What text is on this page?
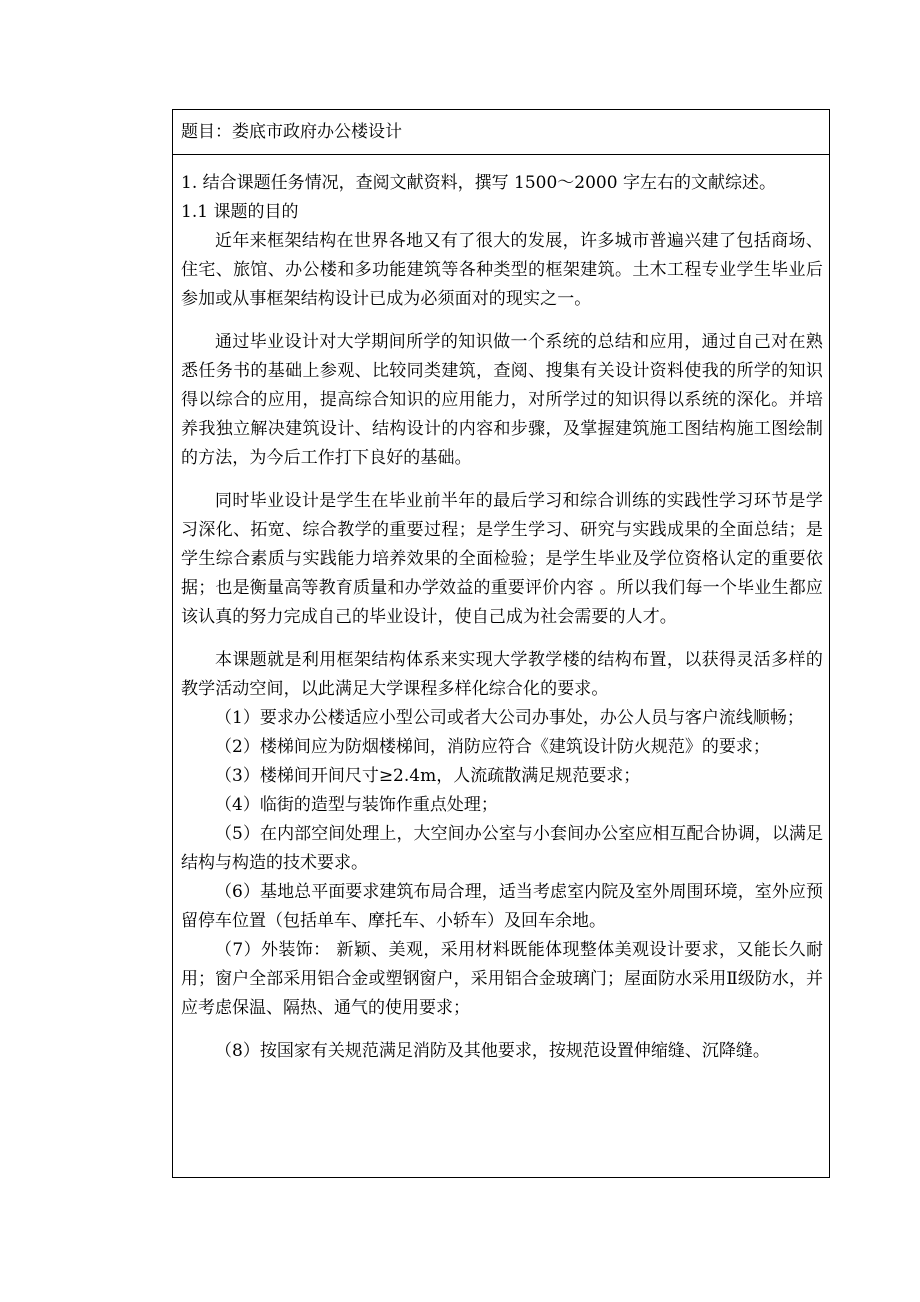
题目：娄底市政府办公楼设计

1. 结合课题任务情况，查阅文献资料，撰写 1500～2000 字左右的文献综述。

1.1 课题的目的

近年来框架结构在世界各地又有了很大的发展，许多城市普遍兴建了包括商场、住宅、旅馆、办公楼和多功能建筑等各种类型的框架建筑。土木工程专业学生毕业后参加或从事框架结构设计已成为必须面对的现实之一。

通过毕业设计对大学期间所学的知识做一个系统的总结和应用，通过自己对在熟悉任务书的基础上参观、比较同类建筑，查阅、搜集有关设计资料使我的所学的知识得以综合的应用，提高综合知识的应用能力，对所学过的知识得以系统的深化。并培养我独立解决建筑设计、结构设计的内容和步骤，及掌握建筑施工图结构施工图绘制的方法，为今后工作打下良好的基础。

同时毕业设计是学生在毕业前半年的最后学习和综合训练的实践性学习环节是学习深化、拓宽、综合教学的重要过程；是学生学习、研究与实践成果的全面总结；是学生综合素质与实践能力培养效果的全面检验；是学生毕业及学位资格认定的重要依据；也是衡量高等教育质量和办学效益的重要评价内容 。所以我们每一个毕业生都应该认真的努力完成自己的毕业设计，使自己成为社会需要的人才。

本课题就是利用框架结构体系来实现大学教学楼的结构布置，以获得灵活多样的教学活动空间，以此满足大学课程多样化综合化的要求。

（1）要求办公楼适应小型公司或者大公司办事处，办公人员与客户流线顺畅；

（2）楼梯间应为防烟楼梯间，消防应符合《建筑设计防火规范》的要求；

（3）楼梯间开间尺寸≥2.4m，人流疏散满足规范要求；

（4）临街的造型与装饰作重点处理；

（5）在内部空间处理上，大空间办公室与小套间办公室应相互配合协调，以满足结构与构造的技术要求。

（6）基地总平面要求建筑布局合理，适当考虑室内院及室外周围环境，室外应预留停车位置（包括单车、摩托车、小轿车）及回车余地。

（7）外装饰： 新颖、美观，采用材料既能体现整体美观设计要求，又能长久耐用；窗户全部采用铝合金或塑钢窗户，采用铝合金玻璃门；屋面防水采用Ⅱ级防水，并应考虑保温、隔热、通气的使用要求；

（8）按国家有关规范满足消防及其他要求，按规范设置伸缩缝、沉降缝。
